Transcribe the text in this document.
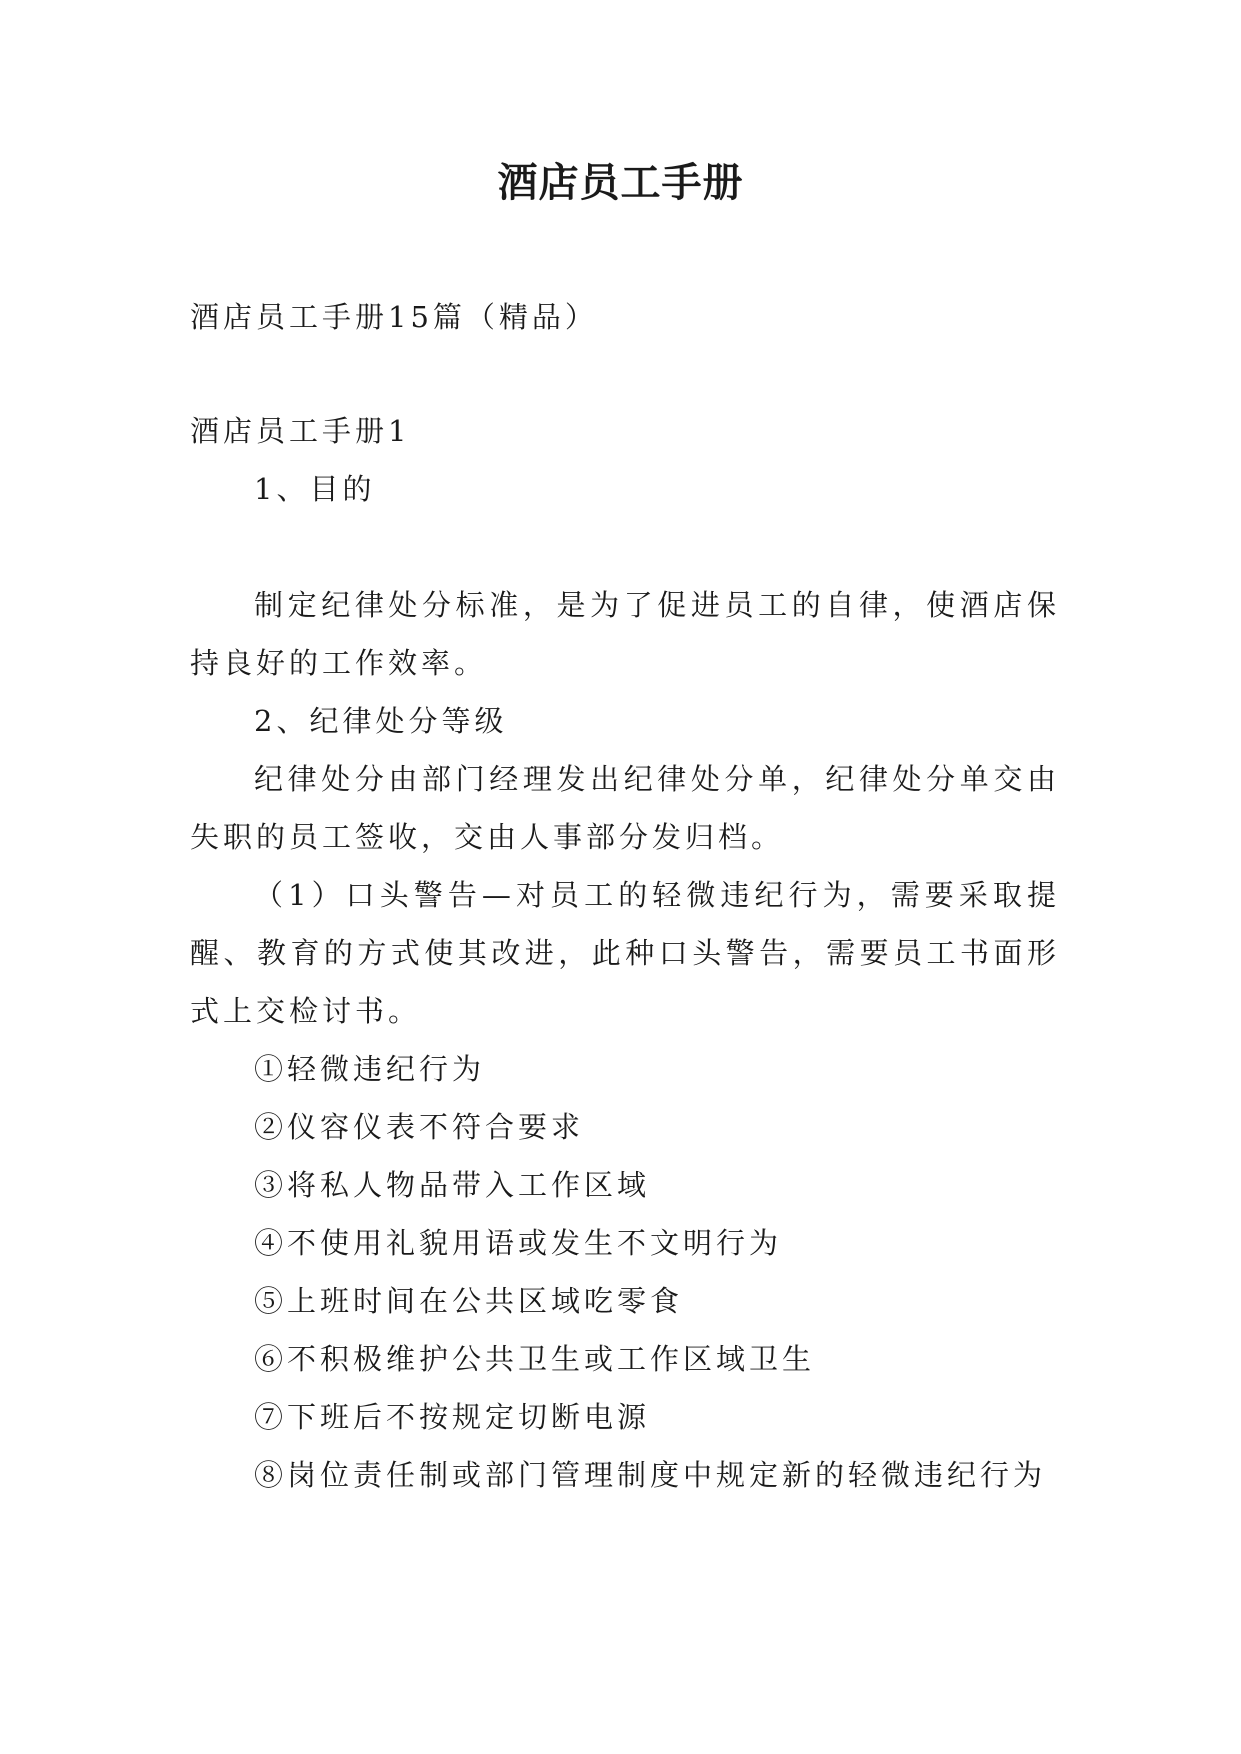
酒店员工手册

酒店员工手册15篇（精品）

酒店员工手册1

1、目的

制定纪律处分标准，是为了促进员工的自律，使酒店保持良好的工作效率。

2、纪律处分等级

纪律处分由部门经理发出纪律处分单，纪律处分单交由失职的员工签收，交由人事部分发归档。

（1）口头警告—对员工的轻微违纪行为，需要采取提醒、教育的方式使其改进，此种口头警告，需要员工书面形式上交检讨书。

①轻微违纪行为

②仪容仪表不符合要求

③将私人物品带入工作区域

④不使用礼貌用语或发生不文明行为

⑤上班时间在公共区域吃零食

⑥不积极维护公共卫生或工作区域卫生

⑦下班后不按规定切断电源

⑧岗位责任制或部门管理制度中规定新的轻微违纪行为
